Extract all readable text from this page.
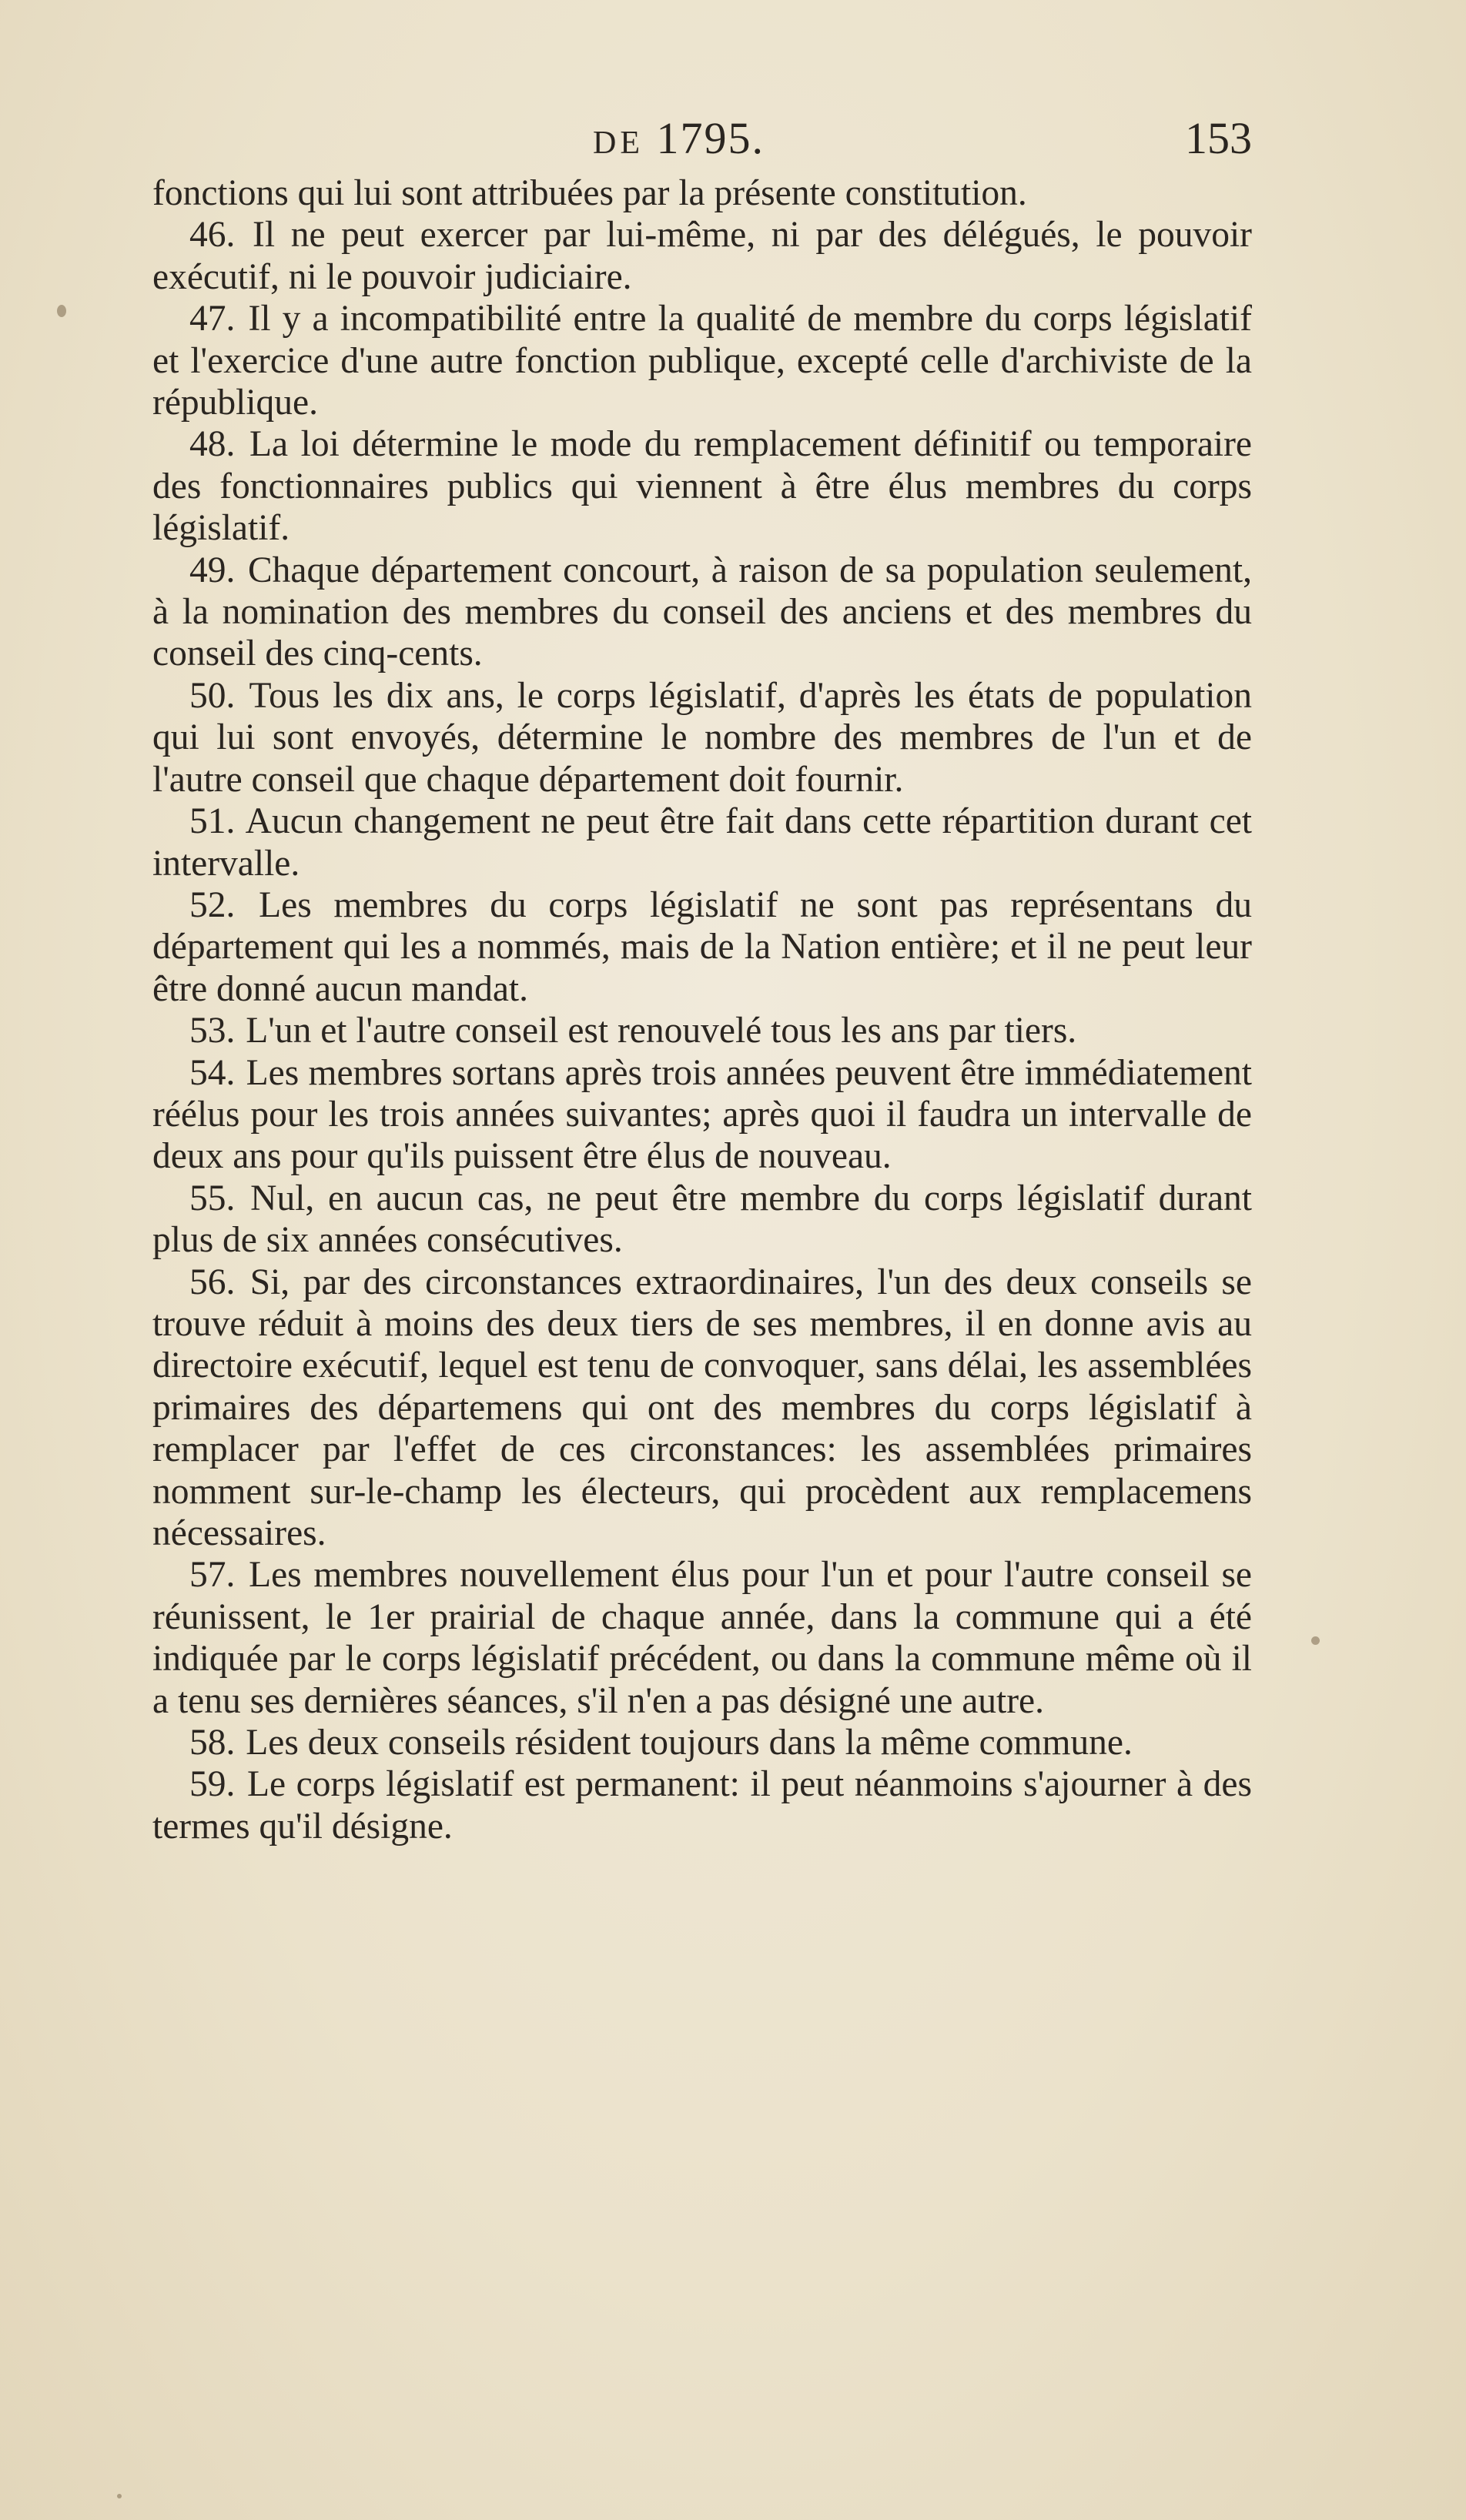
DE 1795.	153

fonctions qui lui sont attribuées par la présente constitution.

46. Il ne peut exercer par lui-même, ni par des délégués, le pouvoir exécutif, ni le pouvoir judiciaire.

47. Il y a incompatibilité entre la qualité de membre du corps législatif et l'exercice d'une autre fonction publique, excepté celle d'archiviste de la république.

48. La loi détermine le mode du remplacement définitif ou temporaire des fonctionnaires publics qui viennent à être élus membres du corps législatif.

49. Chaque département concourt, à raison de sa population seulement, à la nomination des membres du conseil des anciens et des membres du conseil des cinq-cents.

50. Tous les dix ans, le corps législatif, d'après les états de population qui lui sont envoyés, détermine le nombre des membres de l'un et de l'autre conseil que chaque département doit fournir.

51. Aucun changement ne peut être fait dans cette répartition durant cet intervalle.

52. Les membres du corps législatif ne sont pas représentans du département qui les a nommés, mais de la Nation entière; et il ne peut leur être donné aucun mandat.

53. L'un et l'autre conseil est renouvelé tous les ans par tiers.

54. Les membres sortans après trois années peuvent être immédiatement réélus pour les trois années suivantes; après quoi il faudra un intervalle de deux ans pour qu'ils puissent être élus de nouveau.

55. Nul, en aucun cas, ne peut être membre du corps législatif durant plus de six années consécutives.

56. Si, par des circonstances extraordinaires, l'un des deux conseils se trouve réduit à moins des deux tiers de ses membres, il en donne avis au directoire exécutif, lequel est tenu de convoquer, sans délai, les assemblées primaires des départemens qui ont des membres du corps législatif à remplacer par l'effet de ces circonstances: les assemblées primaires nomment sur-le-champ les électeurs, qui procèdent aux remplacemens nécessaires.

57. Les membres nouvellement élus pour l'un et pour l'autre conseil se réunissent, le 1er prairial de chaque année, dans la commune qui a été indiquée par le corps législatif précédent, ou dans la commune même où il a tenu ses dernières séances, s'il n'en a pas désigné une autre.

58. Les deux conseils résident toujours dans la même commune.

59. Le corps législatif est permanent: il peut néanmoins s'ajourner à des termes qu'il désigne.
